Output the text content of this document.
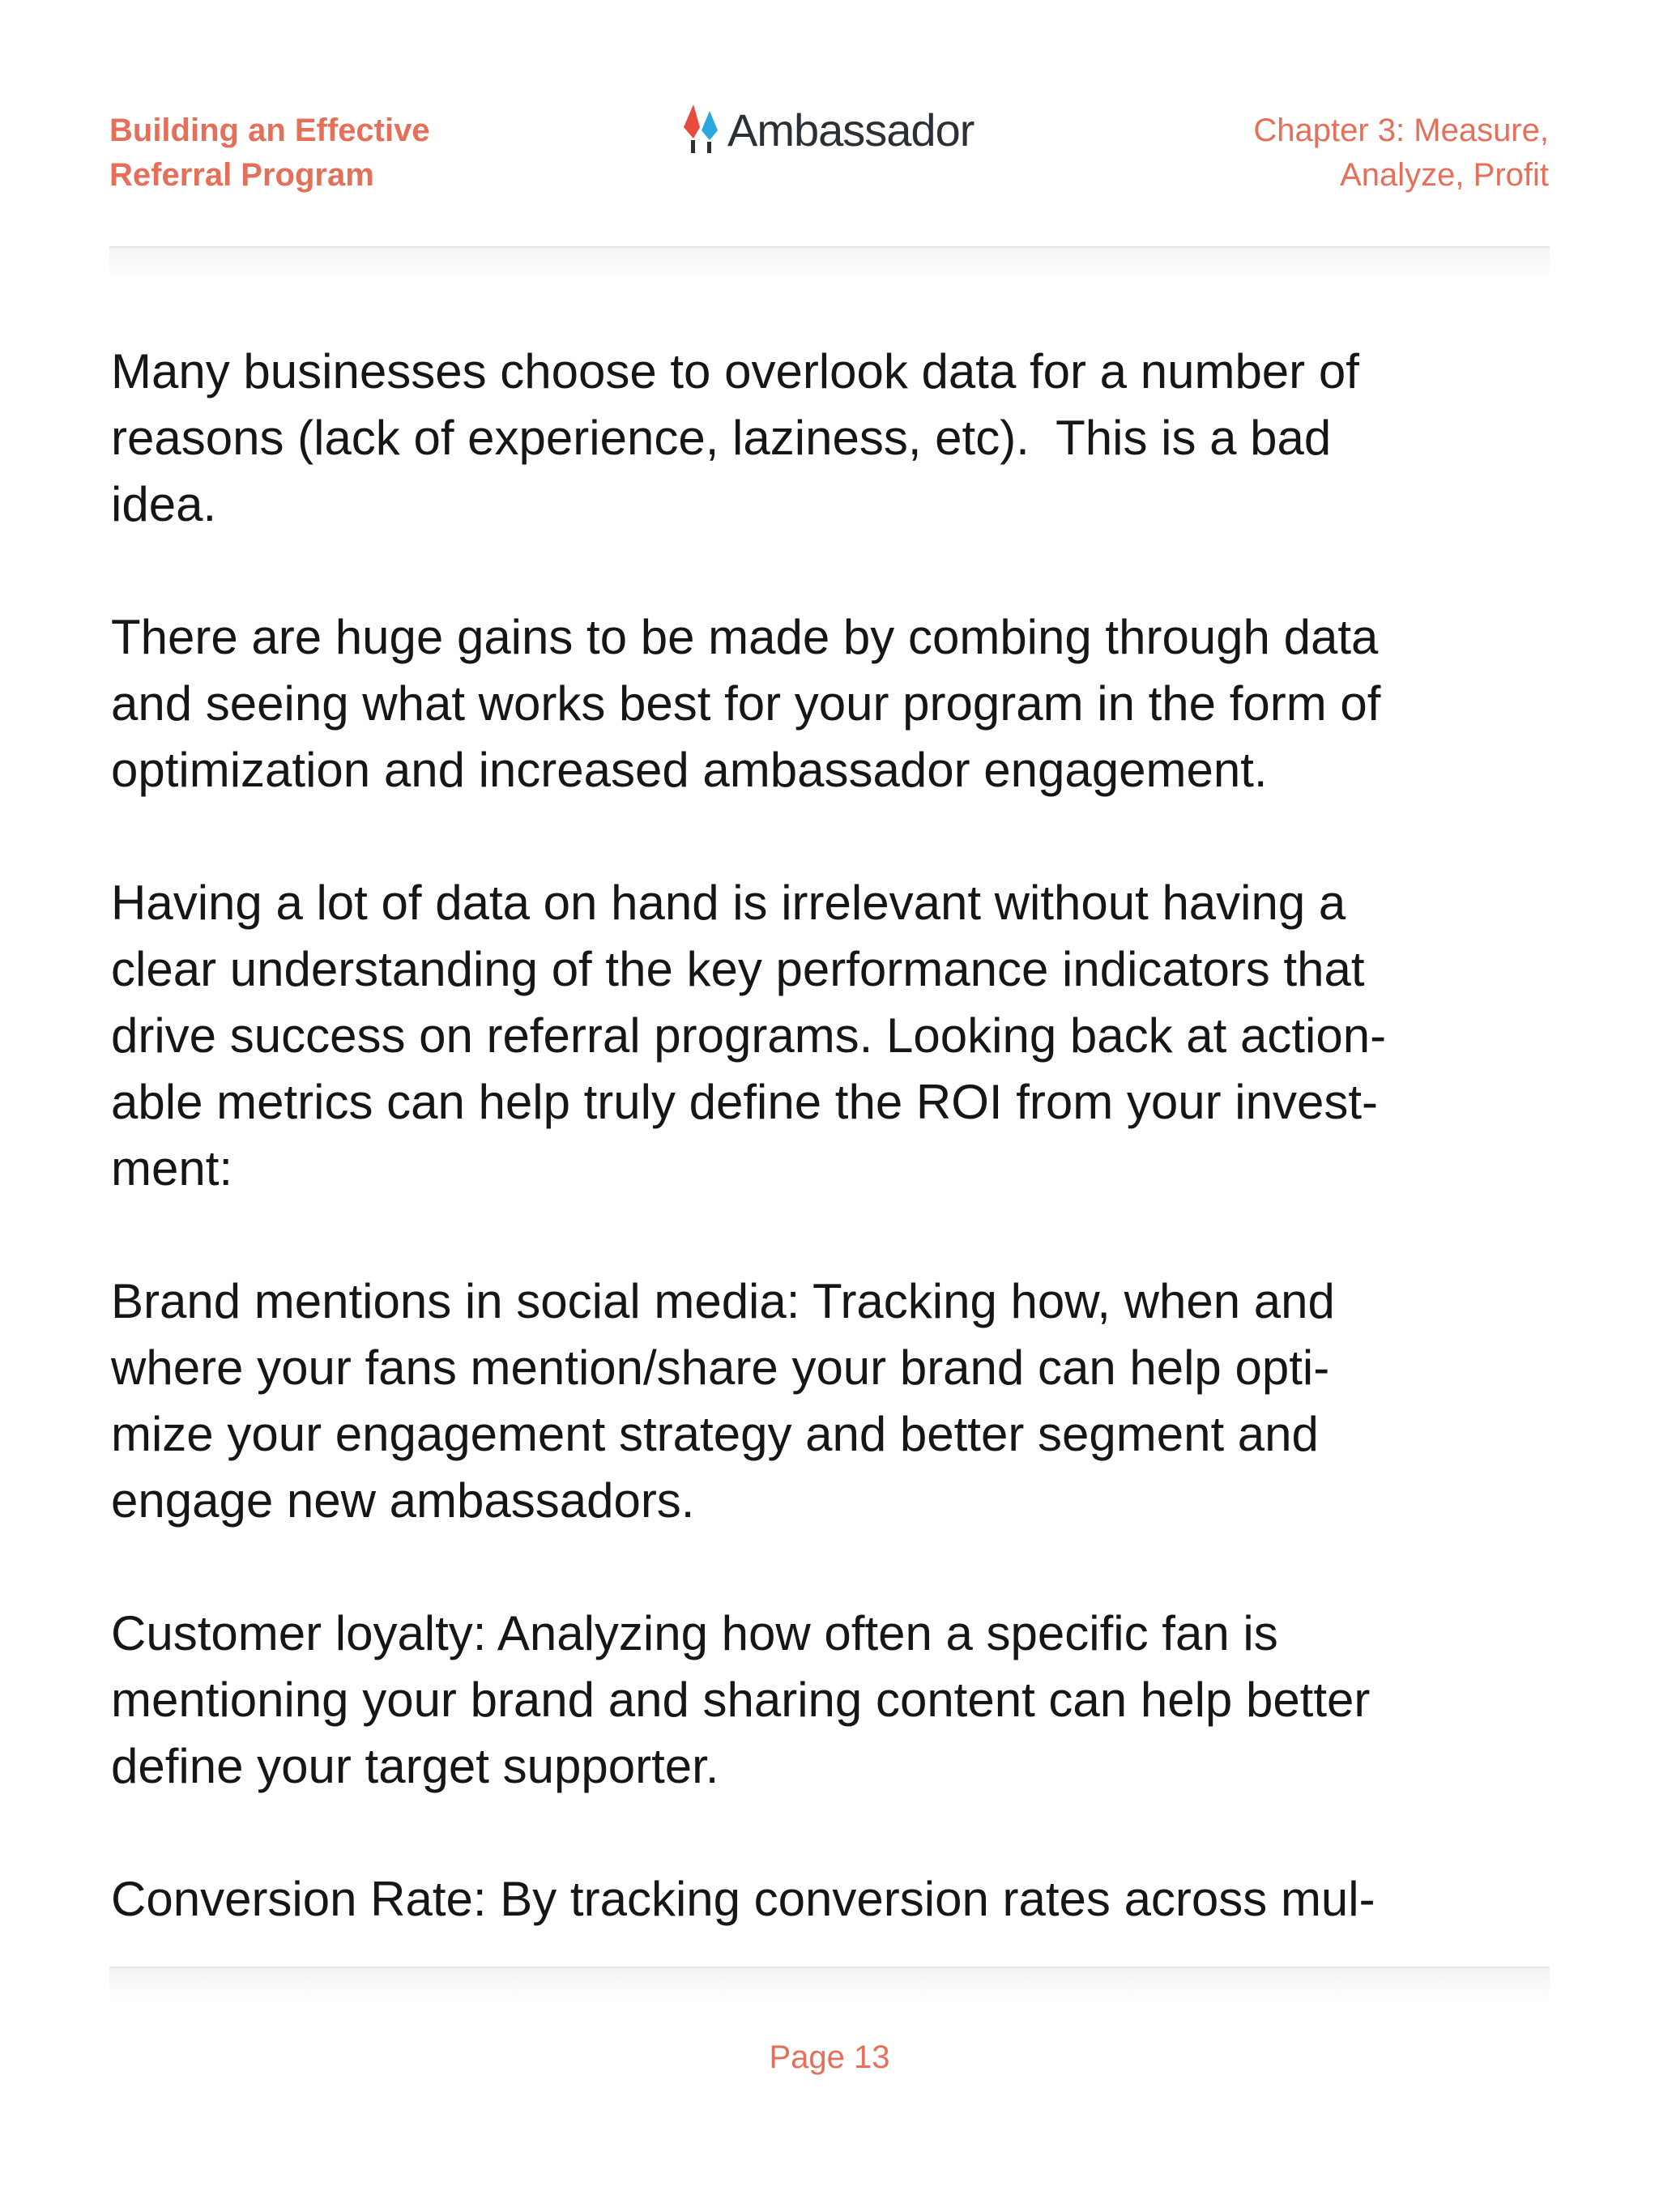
Building an Effective
Referral Program
Ambassador	Chapter 3: Measure,
Analyze, Profit

Many businesses choose to overlook data for a number of
reasons (lack of experience, laziness, etc).  This is a bad
idea.

There are huge gains to be made by combing through data
and seeing what works best for your program in the form of
optimization and increased ambassador engagement.

Having a lot of data on hand is irrelevant without having a
clear understanding of the key performance indicators that
drive success on referral programs. Looking back at action-
able metrics can help truly define the ROI from your invest-
ment:

Brand mentions in social media: Tracking how, when and
where your fans mention/share your brand can help opti-
mize your engagement strategy and better segment and
engage new ambassadors.

Customer loyalty: Analyzing how often a specific fan is
mentioning your brand and sharing content can help better
define your target supporter.

Conversion Rate: By tracking conversion rates across mul-

Page 13
